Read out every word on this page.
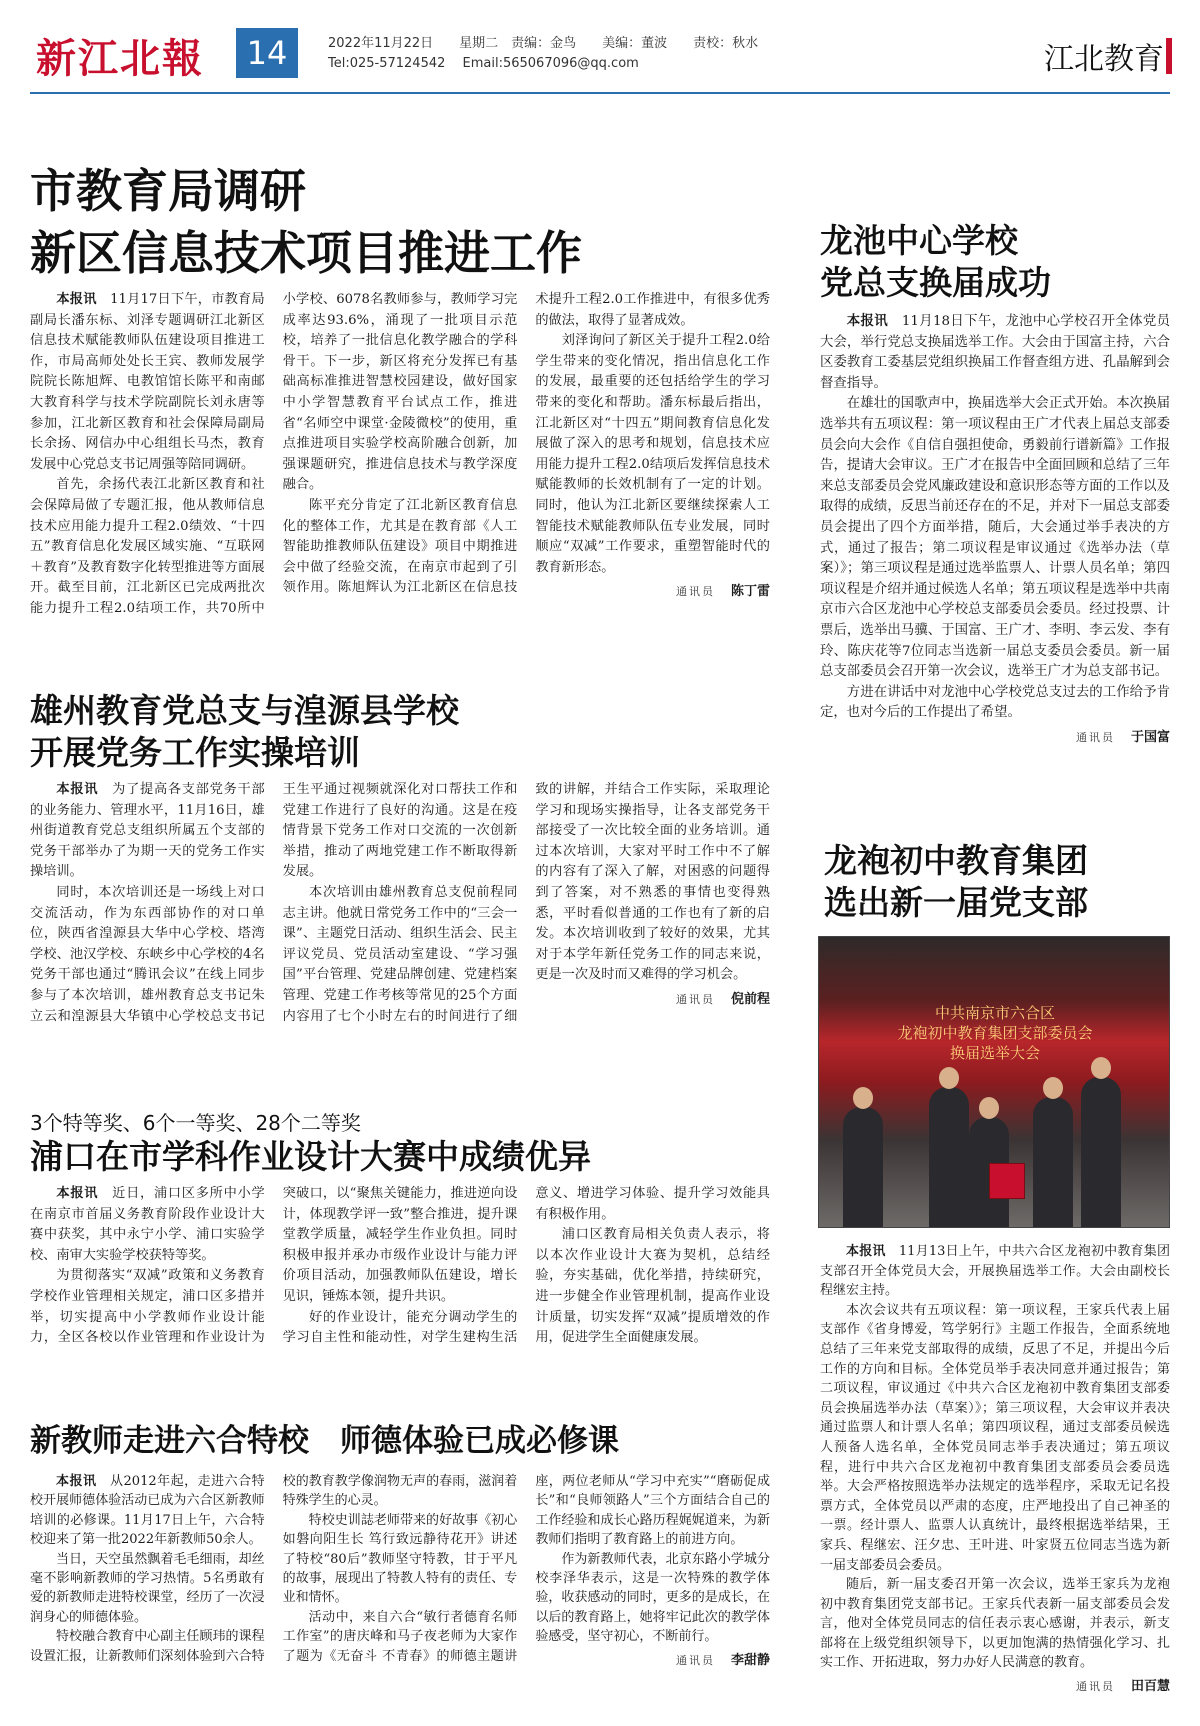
新江北報	14	2022年11月22日　　星期二　责编：金鸟　　美编：董波　　责校：秋水
Tel:025-57124542　 Email:565067096@qq.com	江北教育
市教育局调研
新区信息技术项目推进工作

本报讯　 11月17日下午，市教育局副局长潘东标、刘泽专题调研江北新区信息技术赋能教师队伍建设项目推进工作，市局高师处处长王宾、教师发展学院院长陈旭辉、电教馆馆长陈平和南邮大教育科学与技术学院副院长刘永唐等参加，江北新区教育和社会保障局副局长余扬、网信办中心组组长马杰，教育发展中心党总支书记周强等陪同调研。

首先，余扬代表江北新区教育和社会保障局做了专题汇报，他从教师信息技术应用能力提升工程2.0绩效、“十四五”教育信息化发展区域实施、“互联网＋教育”及教育数字化转型推进等方面展开。截至目前，江北新区已完成两批次能力提升工程2.0结项工作，共70所中小学校、6078名教师参与，教师学习完成率达93.6%，涌现了一批项目示范校，培养了一批信息化教学融合的学科骨干。下一步，新区将充分发挥已有基础高标准推进智慧校园建设，做好国家中小学智慧教育平台试点工作，推进省“名师空中课堂·金陵微校”的使用，重点推进项目实验学校高阶融合创新，加强课题研究，推进信息技术与教学深度融合。

陈平充分肯定了江北新区教育信息化的整体工作，尤其是在教育部《人工智能助推教师队伍建设》项目中期推进会中做了经验交流，在南京市起到了引领作用。陈旭辉认为江北新区在信息技术提升工程2.0工作推进中，有很多优秀的做法，取得了显著成效。

刘泽询问了新区关于提升工程2.0给学生带来的变化情况，指出信息化工作的发展，最重要的还包括给学生的学习带来的变化和帮助。潘东标最后指出，江北新区对“十四五”期间教育信息化发展做了深入的思考和规划，信息技术应用能力提升工程2.0结项后发挥信息技术赋能教师的长效机制有了一定的计划。同时，他认为江北新区要继续探索人工智能技术赋能教师队伍专业发展，同时顺应“双减”工作要求，重塑智能时代的教育新形态。

通讯员 陈丁雷
龙池中心学校
党总支换届成功

本报讯　 11月18日下午，龙池中心学校召开全体党员大会，举行党总支换届选举工作。大会由于国富主持，六合区委教育工委基层党组织换届工作督查组方进、孔晶解到会督查指导。

在雄壮的国歌声中，换届选举大会正式开始。本次换届选举共有五项议程：第一项议程由王广才代表上届总支部委员会向大会作《自信自强担使命，勇毅前行谱新篇》工作报告，提请大会审议。王广才在报告中全面回顾和总结了三年来总支部委员会党风廉政建设和意识形态等方面的工作以及取得的成绩，反思当前还存在的不足，并对下一届总支部委员会提出了四个方面举措，随后，大会通过举手表决的方式，通过了报告；第二项议程是审议通过《选举办法（草案）》；第三项议程是通过选举监票人、计票人员名单；第四项议程是介绍并通过候选人名单；第五项议程是选举中共南京市六合区龙池中心学校总支部委员会委员。经过投票、计票后，选举出马骥、于国富、王广才、李明、李云发、李有玲、陈庆花等7位同志当选新一届总支委员会委员。新一届总支部委员会召开第一次会议，选举王广才为总支部书记。

方进在讲话中对龙池中心学校党总支过去的工作给予肯定，也对今后的工作提出了希望。

通讯员 于国富
雄州教育党总支与湟源县学校
开展党务工作实操培训

本报讯　 为了提高各支部党务干部的业务能力、管理水平，11月16日，雄州街道教育党总支组织所属五个支部的党务干部举办了为期一天的党务工作实操培训。

同时，本次培训还是一场线上对口交流活动，作为东西部协作的对口单位，陕西省湟源县大华中心学校、塔湾学校、池汉学校、东峡乡中心学校的4名党务干部也通过“腾讯会议”在线上同步参与了本次培训，雄州教育总支书记朱立云和湟源县大华镇中心学校总支书记王生平通过视频就深化对口帮扶工作和党建工作进行了良好的沟通。这是在疫情背景下党务工作对口交流的一次创新举措，推动了两地党建工作不断取得新发展。

本次培训由雄州教育总支倪前程同志主讲。他就日常党务工作中的“三会一课”、主题党日活动、组织生活会、民主评议党员、党员活动室建设、“学习强国”平台管理、党建品牌创建、党建档案管理、党建工作考核等常见的25个方面内容用了七个小时左右的时间进行了细致的讲解，并结合工作实际，采取理论学习和现场实操指导，让各支部党务干部接受了一次比较全面的业务培训。通过本次培训，大家对平时工作中不了解的内容有了深入了解，对困惑的问题得到了答案，对不熟悉的事情也变得熟悉，平时看似普通的工作也有了新的启发。本次培训收到了较好的效果，尤其对于本学年新任党务工作的同志来说，更是一次及时而又难得的学习机会。

通讯员 倪前程
3个特等奖、6个一等奖、28个二等奖
浦口在市学科作业设计大赛中成绩优异

本报讯　 近日，浦口区多所中小学在南京市首届义务教育阶段作业设计大赛中获奖，其中永宁小学、浦口实验学校、南审大实验学校获特等奖。

为贯彻落实“双减”政策和义务教育学校作业管理相关规定，浦口区多措并举，切实提高中小学教师作业设计能力，全区各校以作业管理和作业设计为突破口，以“聚焦关键能力，推进逆向设计，体现教学评一致”整合推进，提升课堂教学质量，减轻学生作业负担。同时积极申报并承办市级作业设计与能力评价项目活动，加强教师队伍建设，增长见识，锤炼本领，提升共识。

好的作业设计，能充分调动学生的学习自主性和能动性，对学生建构生活意义、增进学习体验、提升学习效能具有积极作用。

浦口区教育局相关负责人表示，将以本次作业设计大赛为契机，总结经验，夯实基础，优化举措，持续研究，进一步健全作业管理机制，提高作业设计质量，切实发挥“双减”提质增效的作用，促进学生全面健康发展。

龙袍初中教育集团
选出新一届党支部
中共南京市六合区
龙袍初中教育集团支部委员会
换届选举大会

本报讯　 11月13日上午，中共六合区龙袍初中教育集团支部召开全体党员大会，开展换届选举工作。大会由副校长程继宏主持。

本次会议共有五项议程：第一项议程，王家兵代表上届支部作《省身博爱，笃学躬行》主题工作报告，全面系统地总结了三年来党支部取得的成绩，反思了不足，并提出今后工作的方向和目标。全体党员举手表决同意并通过报告；第二项议程，审议通过《中共六合区龙袍初中教育集团支部委员会换届选举办法（草案）》；第三项议程，大会审议并表决通过监票人和计票人名单；第四项议程，通过支部委员候选人预备人选名单，全体党员同志举手表决通过；第五项议程，进行中共六合区龙袍初中教育集团支部委员会委员选举。大会严格按照选举办法规定的选举程序，采取无记名投票方式，全体党员以严肃的态度，庄严地投出了自己神圣的一票。经计票人、监票人认真统计，最终根据选举结果，王家兵、程继宏、汪夕忠、王叶进、叶家贤五位同志当选为新一届支部委员会委员。

随后，新一届支委召开第一次会议，选举王家兵为龙袍初中教育集团党支部书记。王家兵代表新一届支部委员会发言，他对全体党员同志的信任表示衷心感谢，并表示，新支部将在上级党组织领导下，以更加饱满的热情强化学习、扎实工作、开拓进取，努力办好人民满意的教育。

通讯员 田百慧
新教师走进六合特校　师德体验已成必修课

本报讯　 从2012年起，走进六合特校开展师德体验活动已成为六合区新教师培训的必修课。11月17日上午，六合特校迎来了第一批2022年新教师50余人。

当日，天空虽然飘着毛毛细雨，却丝毫不影响新教师的学习热情。5名勇敢有爱的新教师走进特校课堂，经历了一次浸润身心的师德体验。

特校融合教育中心副主任顾玮的课程设置汇报，让新教师们深刻体验到六合特校的教育教学像润物无声的春雨，滋润着特殊学生的心灵。

特校史训誌老师带来的好故事《初心如磐向阳生长 笃行致远静待花开》讲述了特校“80后”教师坚守特教，甘于平凡的故事，展现出了特教人特有的责任、专业和情怀。

活动中，来自六合“敏行者德育名师工作室”的唐庆峰和马子夜老师为大家作了题为《无奋斗 不青春》的师德主题讲座，两位老师从“学习中充实”“磨砺促成长”和“良师领路人”三个方面结合自己的工作经验和成长心路历程娓娓道来，为新教师们指明了教育路上的前进方向。

作为新教师代表，北京东路小学城分校李泽华表示，这是一次特殊的教学体验，收获感动的同时，更多的是成长，在以后的教育路上，她将牢记此次的教学体验感受，坚守初心，不断前行。

通讯员 李甜静
